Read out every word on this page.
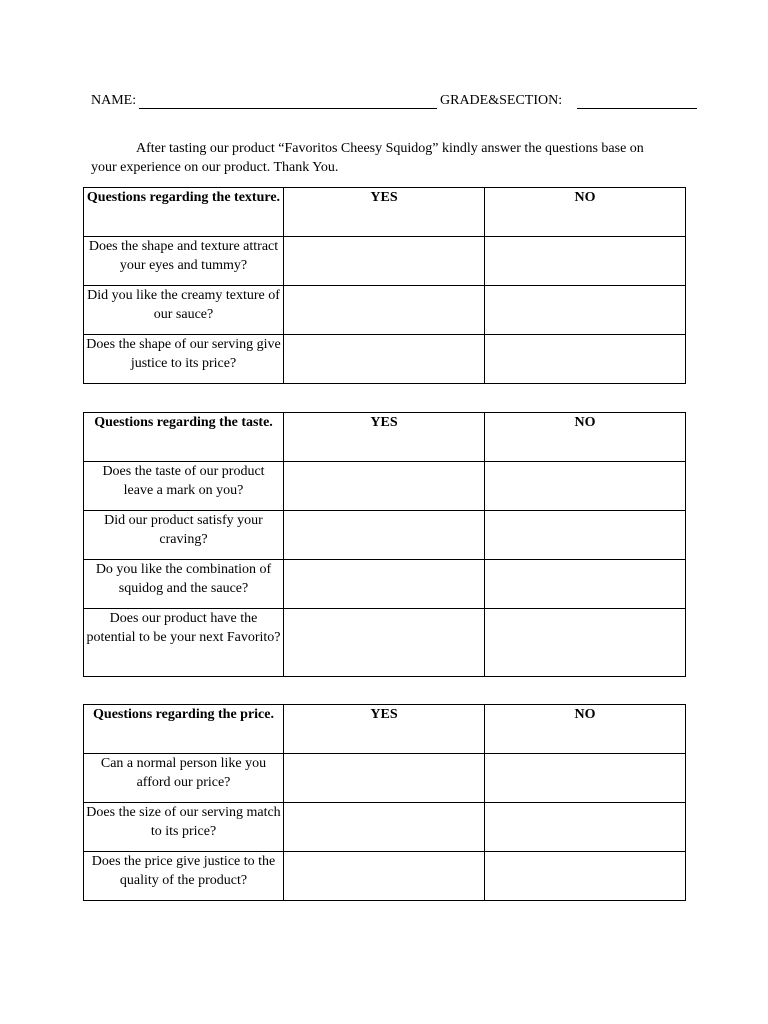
NAME:	GRADE&SECTION:
After tasting our product “Favoritos Cheesy Squidog” kindly answer the questions base on your experience on our product. Thank You.
Questions regarding the texture.	YES	NO
Does the shape and texture attract your eyes and tummy?		
Did you like the creamy texture of our sauce?		
Does the shape of our serving give justice to its price?		
Questions regarding the taste.	YES	NO
Does the taste of our product leave a mark on you?		
Did our product satisfy your craving?		
Do you like the combination of squidog and the sauce?		
Does our product have the potential to be your next Favorito?		
Questions regarding the price.	YES	NO
Can a normal person like you afford our price?		
Does the size of our serving match to its price?		
Does the price give justice to the quality of the product?		
